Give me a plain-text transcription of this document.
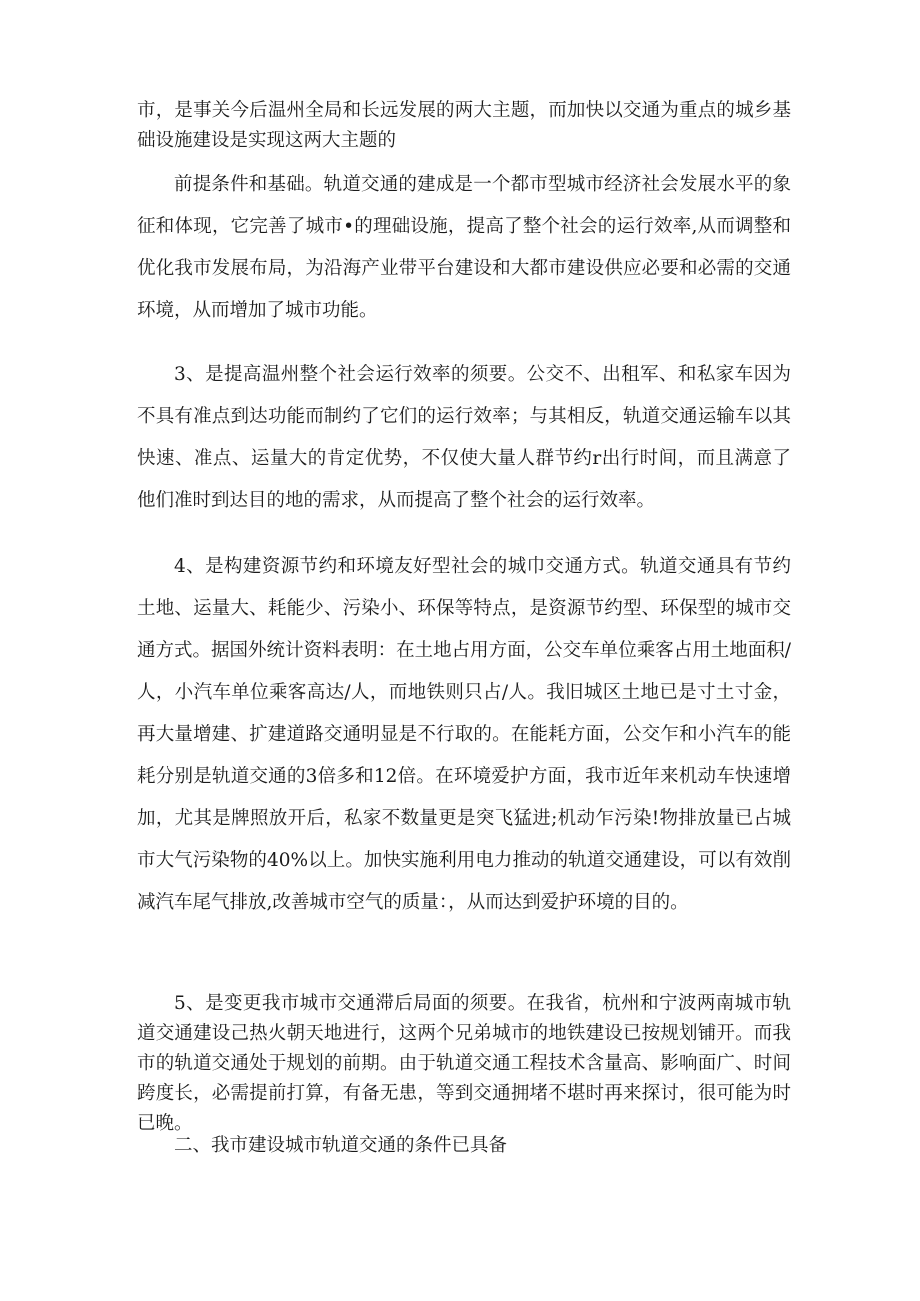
市，是事关今后温州全局和长远发展的两大主题，而加快以交通为重点的城乡基础设施建设是实现这两大主题的

前提条件和基础。轨道交通的建成是一个都市型城市经济社会发展水平的象征和体现，它完善了城市•的理础设施，提高了整个社会的运行效率,从而调整和优化我市发展布局，为沿海产业带平台建设和大都市建设供应必要和必需的交通环境，从而增加了城市功能。

3、是提高温州整个社会运行效率的须要。公交不、出租军、和私家车因为不具有准点到达功能而制约了它们的运行效率；与其相反，轨道交通运输车以其快速、准点、运量大的肯定优势，不仅使大量人群节约r出行时间，而且满意了他们准时到达目的地的需求，从而提高了整个社会的运行效率。

4、是构建资源节约和环境友好型社会的城巾交通方式。轨道交通具有节约土地、运量大、耗能少、污染小、环保等特点，是资源节约型、环保型的城市交通方式。据国外统计资料表明：在土地占用方面，公交车单位乘客占用土地面积/人，小汽车单位乘客高达/人，而地铁则只占/人。我旧城区土地已是寸土寸金，再大量增建、扩建道路交通明显是不行取的。在能耗方面，公交乍和小汽车的能耗分别是轨道交通的3倍多和12倍。在环境爱护方面，我市近年来机动车快速增加，尤其是牌照放开后，私家不数量更是突飞猛进;机动乍污染!物排放量已占城市大气污染物的40%以上。加快实施利用电力推动的轨道交通建设，可以有效削减汽车尾气排放,改善城市空气的质量：，从而达到爱护环境的目的。

5、是变更我市城市交通滞后局面的须要。在我省，杭州和宁波两南城市轨道交通建设己热火朝天地进行，这两个兄弟城市的地铁建设已按规划铺开。而我市的轨道交通处于规划的前期。由于轨道交通工程技术含量高、影响面广、时间跨度长，必需提前打算，有备无患，等到交通拥堵不堪时再来探讨，很可能为时已晚。

二、我市建设城市轨道交通的条件已具备
